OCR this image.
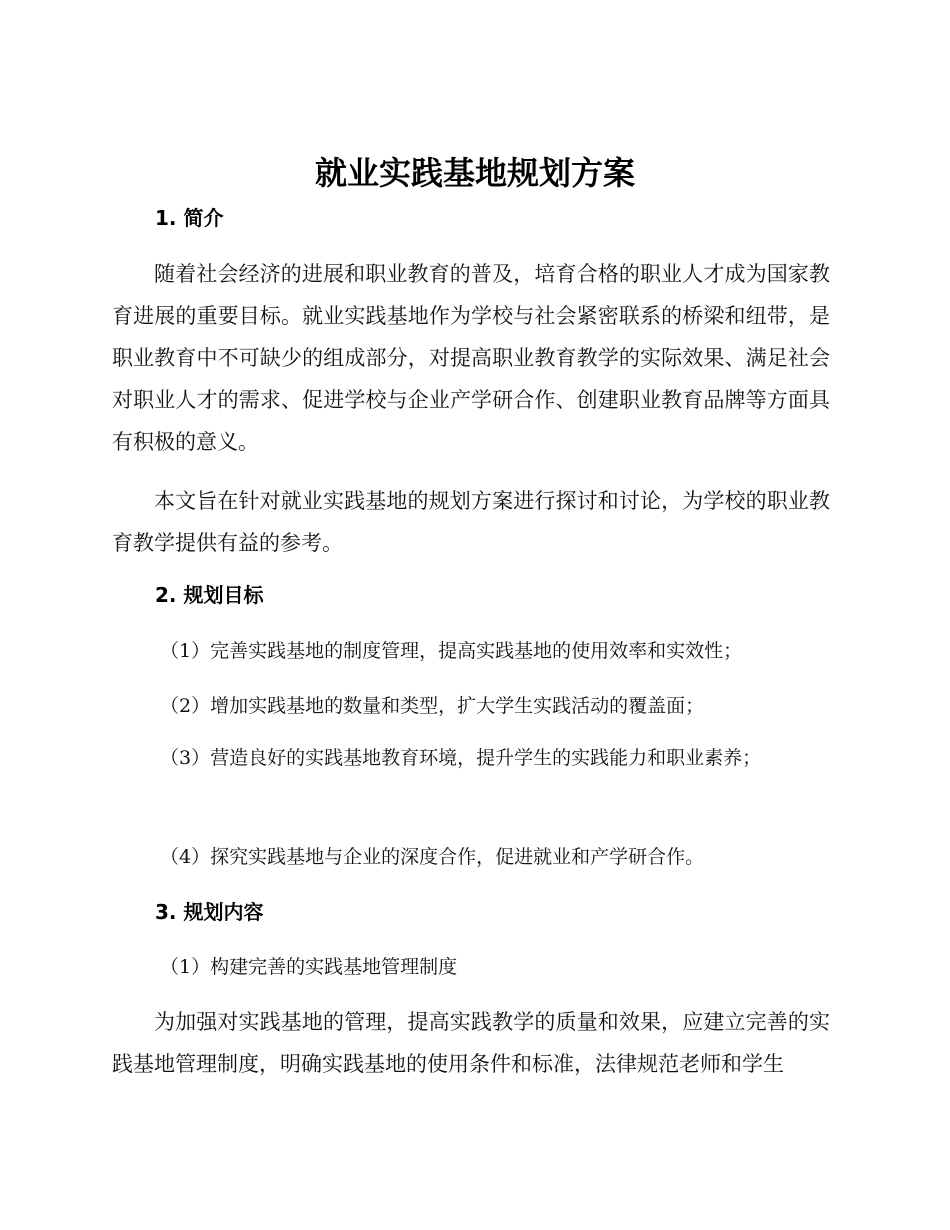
就业实践基地规划方案
1. 简介

随着社会经济的进展和职业教育的普及，培育合格的职业人才成为国家教育进展的重要目标。就业实践基地作为学校与社会紧密联系的桥梁和纽带，是职业教育中不可缺少的组成部分，对提高职业教育教学的实际效果、满足社会对职业人才的需求、促进学校与企业产学研合作、创建职业教育品牌等方面具有积极的意义。

本文旨在针对就业实践基地的规划方案进行探讨和讨论，为学校的职业教育教学提供有益的参考。

2. 规划目标

（1）完善实践基地的制度管理，提高实践基地的使用效率和实效性；

（2）增加实践基地的数量和类型，扩大学生实践活动的覆盖面；

（3）营造良好的实践基地教育环境，提升学生的实践能力和职业素养；

（4）探究实践基地与企业的深度合作，促进就业和产学研合作。

3. 规划内容

（1）构建完善的实践基地管理制度

为加强对实践基地的管理，提高实践教学的质量和效果，应建立完善的实践基地管理制度，明确实践基地的使用条件和标准，法律规范老师和学生
